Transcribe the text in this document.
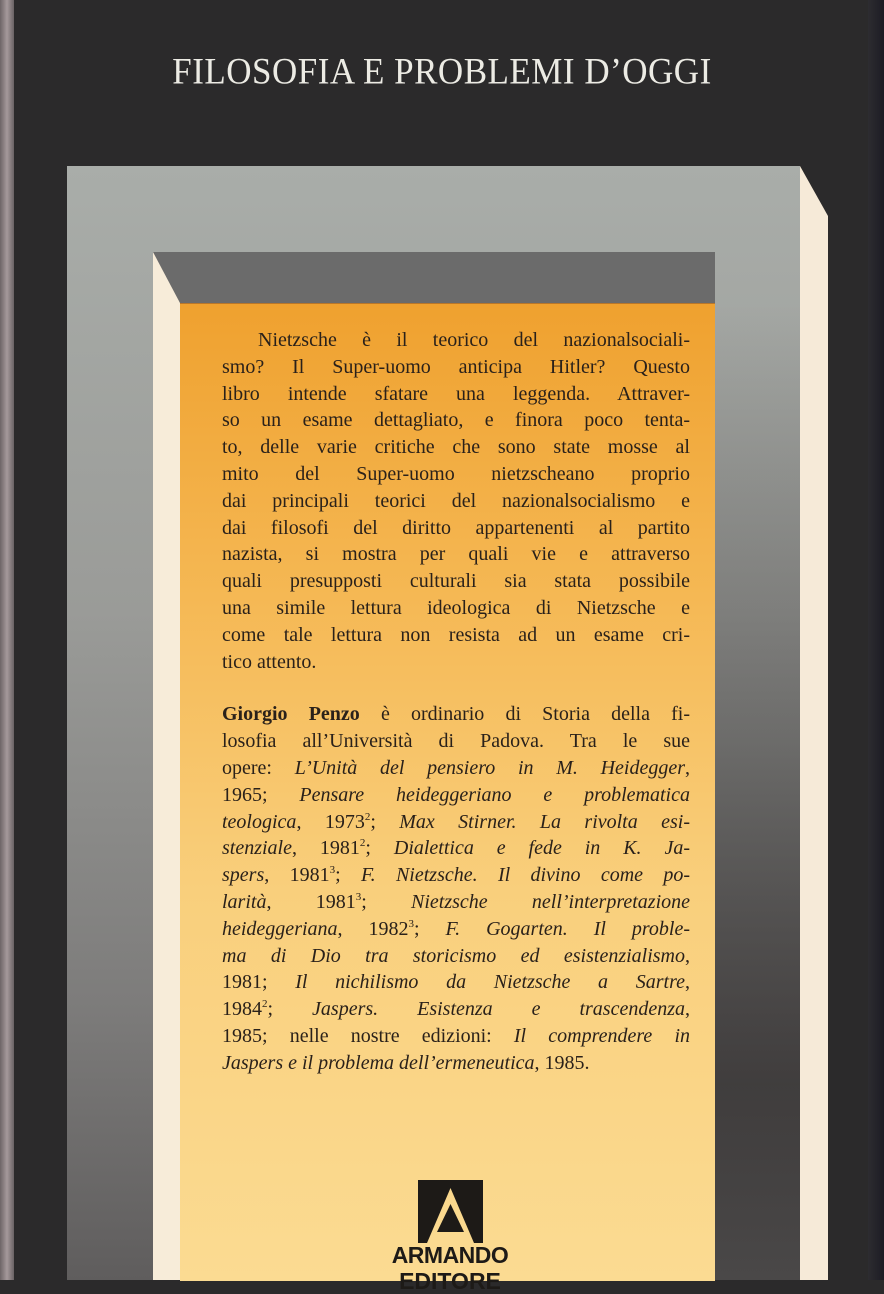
FILOSOFIA E PROBLEMI D’OGGI
Nietzsche è il teorico del nazionalsociali-
smo? Il Super-uomo anticipa Hitler? Questo
libro intende sfatare una leggenda. Attraver-
so un esame dettagliato, e finora poco tenta-
to, delle varie critiche che sono state mosse al
mito del Super-uomo nietzscheano proprio
dai principali teorici del nazionalsocialismo e
dai filosofi del diritto appartenenti al partito
nazista, si mostra per quali vie e attraverso
quali presupposti culturali sia stata possibile
una simile lettura ideologica di Nietzsche e
come tale lettura non resista ad un esame cri-
tico attento.
Giorgio Penzo è ordinario di Storia della fi-
losofia all’Università di Padova. Tra le sue
opere: L’Unità del pensiero in M. Heidegger,
1965; Pensare heideggeriano e problematica
teologica, 1973$^2$; Max Stirner. La rivolta esi-
stenziale, 1981$^2$; Dialettica e fede in K. Ja-
spers, 1981$^3$; F. Nietzsche. Il divino come po-
larità, 1981$^3$; Nietzsche nell’interpretazione
heideggeriana, 1982$^3$; F. Gogarten. Il proble-
ma di Dio tra storicismo ed esistenzialismo,
1981; Il nichilismo da Nietzsche a Sartre,
1984$^2$; Jaspers. Esistenza e trascendenza,
1985; nelle nostre edizioni: Il comprendere in
Jaspers e il problema dell’ermeneutica, 1985.
ARMANDO
EDITORE
